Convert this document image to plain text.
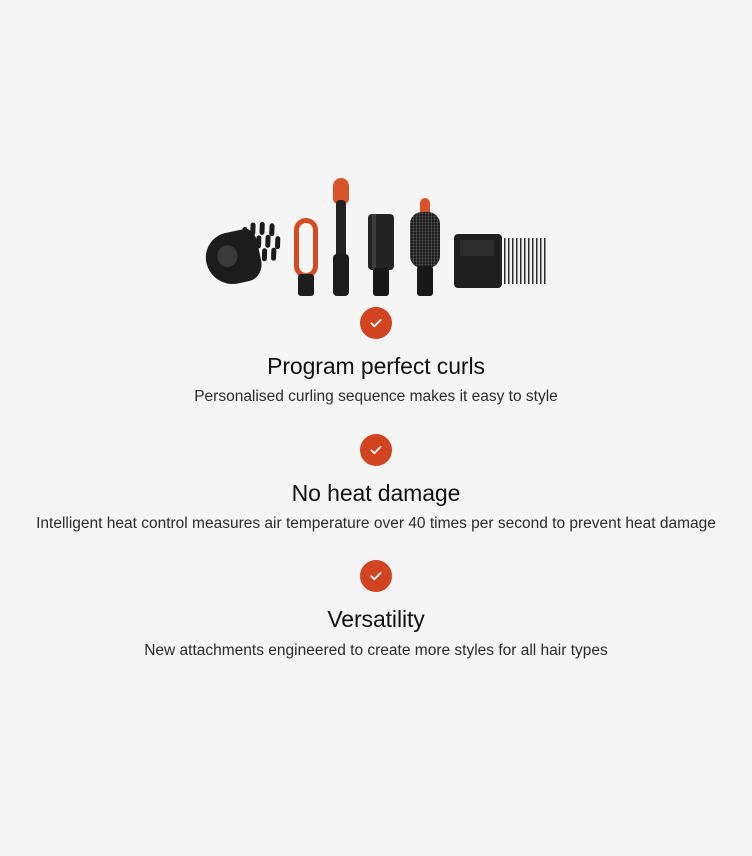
Program perfect curls

Personalised curling sequence makes it easy to style

No heat damage

Intelligent heat control measures air temperature over 40 times per second to prevent heat damage

Versatility

New attachments engineered to create more styles for all hair types
